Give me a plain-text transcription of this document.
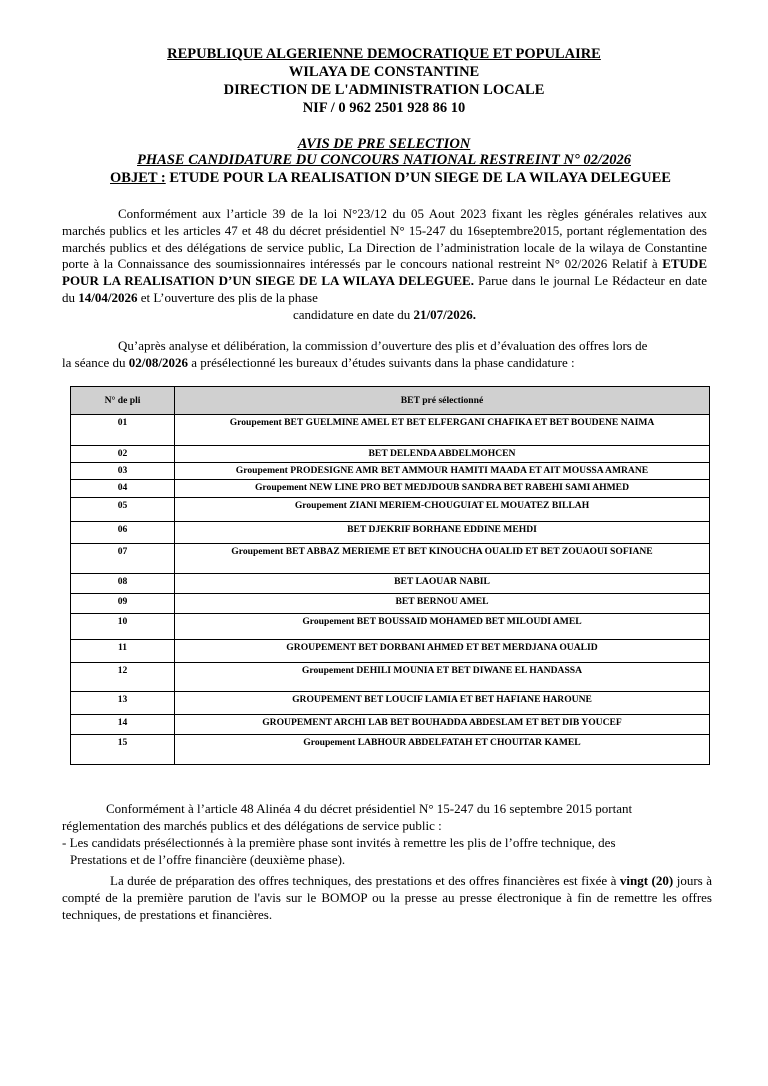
REPUBLIQUE ALGERIENNE DEMOCRATIQUE ET POPULAIRE
WILAYA DE CONSTANTINE
DIRECTION DE L'ADMINISTRATION LOCALE
NIF / 0 962 2501 928 86 10
AVIS DE PRE SELECTION
PHASE CANDIDATURE DU CONCOURS NATIONAL RESTREINT N° 02/2026
OBJET : ETUDE POUR LA REALISATION D’UN SIEGE DE LA WILAYA DELEGUEE
Conformément aux l’article 39 de la loi N°23/12 du 05 Aout 2023 fixant les règles générales relatives aux marchés publics et les articles 47 et 48 du décret présidentiel N° 15-247 du 16septembre2015, portant réglementation des marchés publics et des délégations de service public, La Direction de l’administration locale de la wilaya de Constantine porte à la Connaissance des soumissionnaires intéressés par le concours national restreint N° 02/2026 Relatif à ETUDE POUR LA REALISATION D’UN SIEGE DE LA WILAYA DELEGUEE. Parue dans le journal Le Rédacteur en date du 14/04/2026 et L’ouverture des plis de la phase
candidature en date du 21/07/2026.
Qu’après analyse et délibération, la commission d’ouverture des plis et d’évaluation des offres lors de
la séance du 02/08/2026 a présélectionné les bureaux d’études suivants dans la phase candidature :
N° de pli	BET pré sélectionné
01	Groupement BET GUELMINE AMEL ET BET ELFERGANI CHAFIKA ET BET BOUDENE NAIMA
02	BET DELENDA ABDELMOHCEN
03	Groupement PRODESIGNE AMR BET AMMOUR HAMITI MAADA ET AIT MOUSSA AMRANE
04	Groupement NEW LINE PRO BET MEDJDOUB SANDRA BET RABEHI SAMI AHMED
05	Groupement ZIANI MERIEM-CHOUGUIAT EL MOUATEZ BILLAH
06	BET DJEKRIF BORHANE EDDINE MEHDI
07	Groupement BET ABBAZ MERIEME ET BET KINOUCHA OUALID ET BET ZOUAOUI SOFIANE
08	BET LAOUAR NABIL
09	BET BERNOU AMEL
10	Groupement BET BOUSSAID MOHAMED BET MILOUDI AMEL
11	GROUPEMENT BET DORBANI AHMED ET BET MERDJANA OUALID
12	Groupement DEHILI MOUNIA ET BET DIWANE EL HANDASSA
13	GROUPEMENT BET LOUCIF LAMIA ET BET HAFIANE HAROUNE
14	GROUPEMENT ARCHI LAB BET BOUHADDA ABDESLAM ET BET DIB YOUCEF
15	Groupement LABHOUR ABDELFATAH ET CHOUITAR KAMEL

Conformément à l’article 48 Alinéa 4 du décret présidentiel N° 15-247 du 16 septembre 2015 portant

réglementation des marchés publics et des délégations de service public :

- Les candidats présélectionnés à la première phase sont invités à remettre les plis de l’offre technique, des

Prestations et de l’offre financière (deuxième phase).

La durée de préparation des offres techniques, des prestations et des offres financières est fixée à vingt (20) jours à compté de la première parution de l'avis sur le BOMOP ou la presse au presse électronique à fin de remettre les offres techniques, de prestations et financières.
